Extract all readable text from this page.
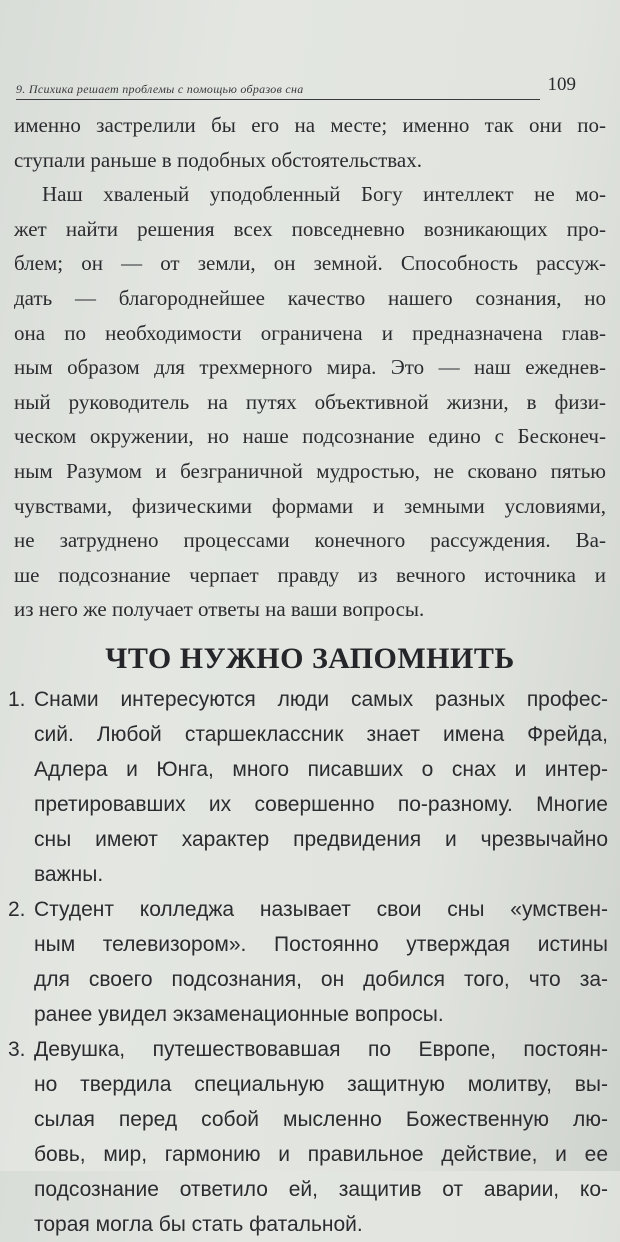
9. Психика решает проблемы с помощью образов сна	109
именно застрелили бы его на месте; именно так они по-
ступали раньше в подобных обстоятельствах.
Наш хваленый уподобленный Богу интеллект не мо-
жет найти решения всех повседневно возникающих про-
блем; он — от земли, он земной. Способность рассуж-
дать — благороднейшее качество нашего сознания, но
она по необходимости ограничена и предназначена глав-
ным образом для трехмерного мира. Это — наш ежеднев-
ный руководитель на путях объективной жизни, в физи-
ческом окружении, но наше подсознание едино с Бесконеч-
ным Разумом и безграничной мудростью, не сковано пятью
чувствами, физическими формами и земными условиями,
не затруднено процессами конечного рассуждения. Ва-
ше подсознание черпает правду из вечного источника и
из него же получает ответы на ваши вопросы.
ЧТО НУЖНО ЗАПОМНИТЬ
1. Снами интересуются люди самых разных профес-
сий. Любой старшеклассник знает имена Фрейда,
Адлера и Юнга, много писавших о снах и интер-
претировавших их совершенно по-разному. Многие
сны имеют характер предвидения и чрезвычайно
важны.
2. Студент колледжа называет свои сны «умствен-
ным телевизором». Постоянно утверждая истины
для своего подсознания, он добился того, что за-
ранее увидел экзаменационные вопросы.
3. Девушка, путешествовавшая по Европе, постоян-
но твердила специальную защитную молитву, вы-
сылая перед собой мысленно Божественную лю-
бовь, мир, гармонию и правильное действие, и ее
подсознание ответило ей, защитив от аварии, ко-
торая могла бы стать фатальной.
